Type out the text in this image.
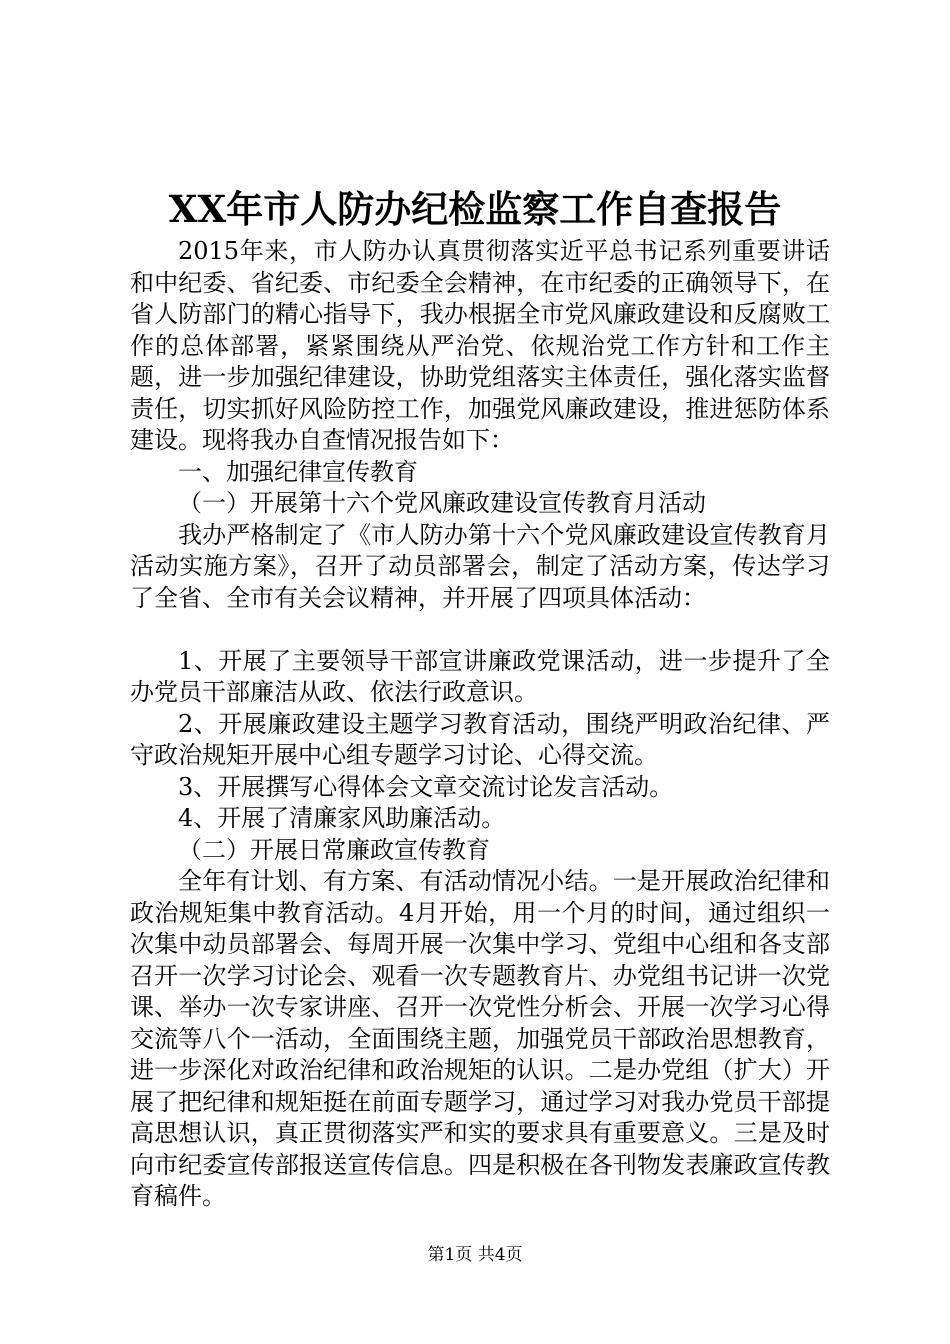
XX年市人防办纪检监察工作自查报告

2015年来，市人防办认真贯彻落实近平总书记系列重要讲话和中纪委、省纪委、市纪委全会精神，在市纪委的正确领导下，在省人防部门的精心指导下，我办根据全市党风廉政建设和反腐败工作的总体部署，紧紧围绕从严治党、依规治党工作方针和工作主题，进一步加强纪律建设，协助党组落实主体责任，强化落实监督责任，切实抓好风险防控工作，加强党风廉政建设，推进惩防体系建设。现将我办自查情况报告如下：

一、加强纪律宣传教育

（一）开展第十六个党风廉政建设宣传教育月活动

我办严格制定了《市人防办第十六个党风廉政建设宣传教育月活动实施方案》，召开了动员部署会，制定了活动方案，传达学习了全省、全市有关会议精神，并开展了四项具体活动：

1、开展了主要领导干部宣讲廉政党课活动，进一步提升了全办党员干部廉洁从政、依法行政意识。

2、开展廉政建设主题学习教育活动，围绕严明政治纪律、严守政治规矩开展中心组专题学习讨论、心得交流。

3、开展撰写心得体会文章交流讨论发言活动。

4、开展了清廉家风助廉活动。

（二）开展日常廉政宣传教育

全年有计划、有方案、有活动情况小结。一是开展政治纪律和政治规矩集中教育活动。4月开始，用一个月的时间，通过组织一次集中动员部署会、每周开展一次集中学习、党组中心组和各支部召开一次学习讨论会、观看一次专题教育片、办党组书记讲一次党课、举办一次专家讲座、召开一次党性分析会、开展一次学习心得交流等八个一活动，全面围绕主题，加强党员干部政治思想教育，进一步深化对政治纪律和政治规矩的认识。二是办党组（扩大）开展了把纪律和规矩挺在前面专题学习，通过学习对我办党员干部提高思想认识，真正贯彻落实严和实的要求具有重要意义。三是及时向市纪委宣传部报送宣传信息。四是积极在各刊物发表廉政宣传教育稿件。

第1页 共4页
